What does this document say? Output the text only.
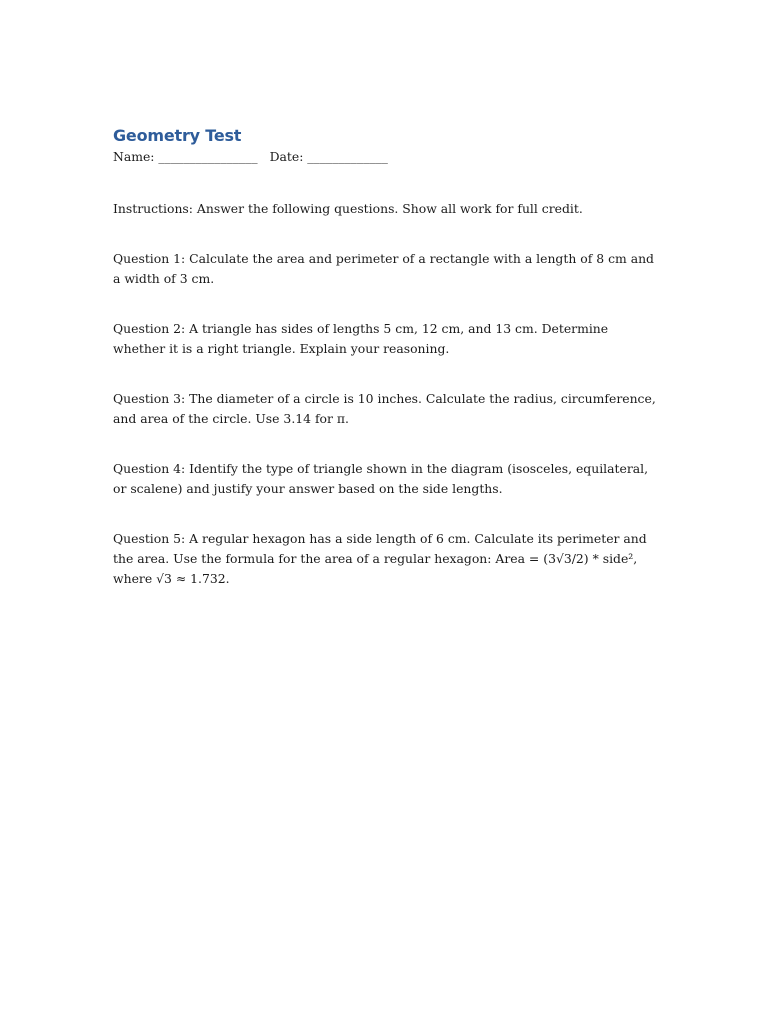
Geometry Test

Name: ________________ Date: _____________

Instructions: Answer the following questions. Show all work for full credit.

Question 1: Calculate the area and perimeter of a rectangle with a length of 8 cm and a width of 3 cm.

Question 2: A triangle has sides of lengths 5 cm, 12 cm, and 13 cm. Determine whether it is a right triangle. Explain your reasoning.

Question 3: The diameter of a circle is 10 inches. Calculate the radius, circumference, and area of the circle. Use 3.14 for π.

Question 4: Identify the type of triangle shown in the diagram (isosceles, equilateral, or scalene) and justify your answer based on the side lengths.

Question 5: A regular hexagon has a side length of 6 cm. Calculate its perimeter and the area. Use the formula for the area of a regular hexagon: Area = (3√3/2) * side², where √3 ≈ 1.732.
